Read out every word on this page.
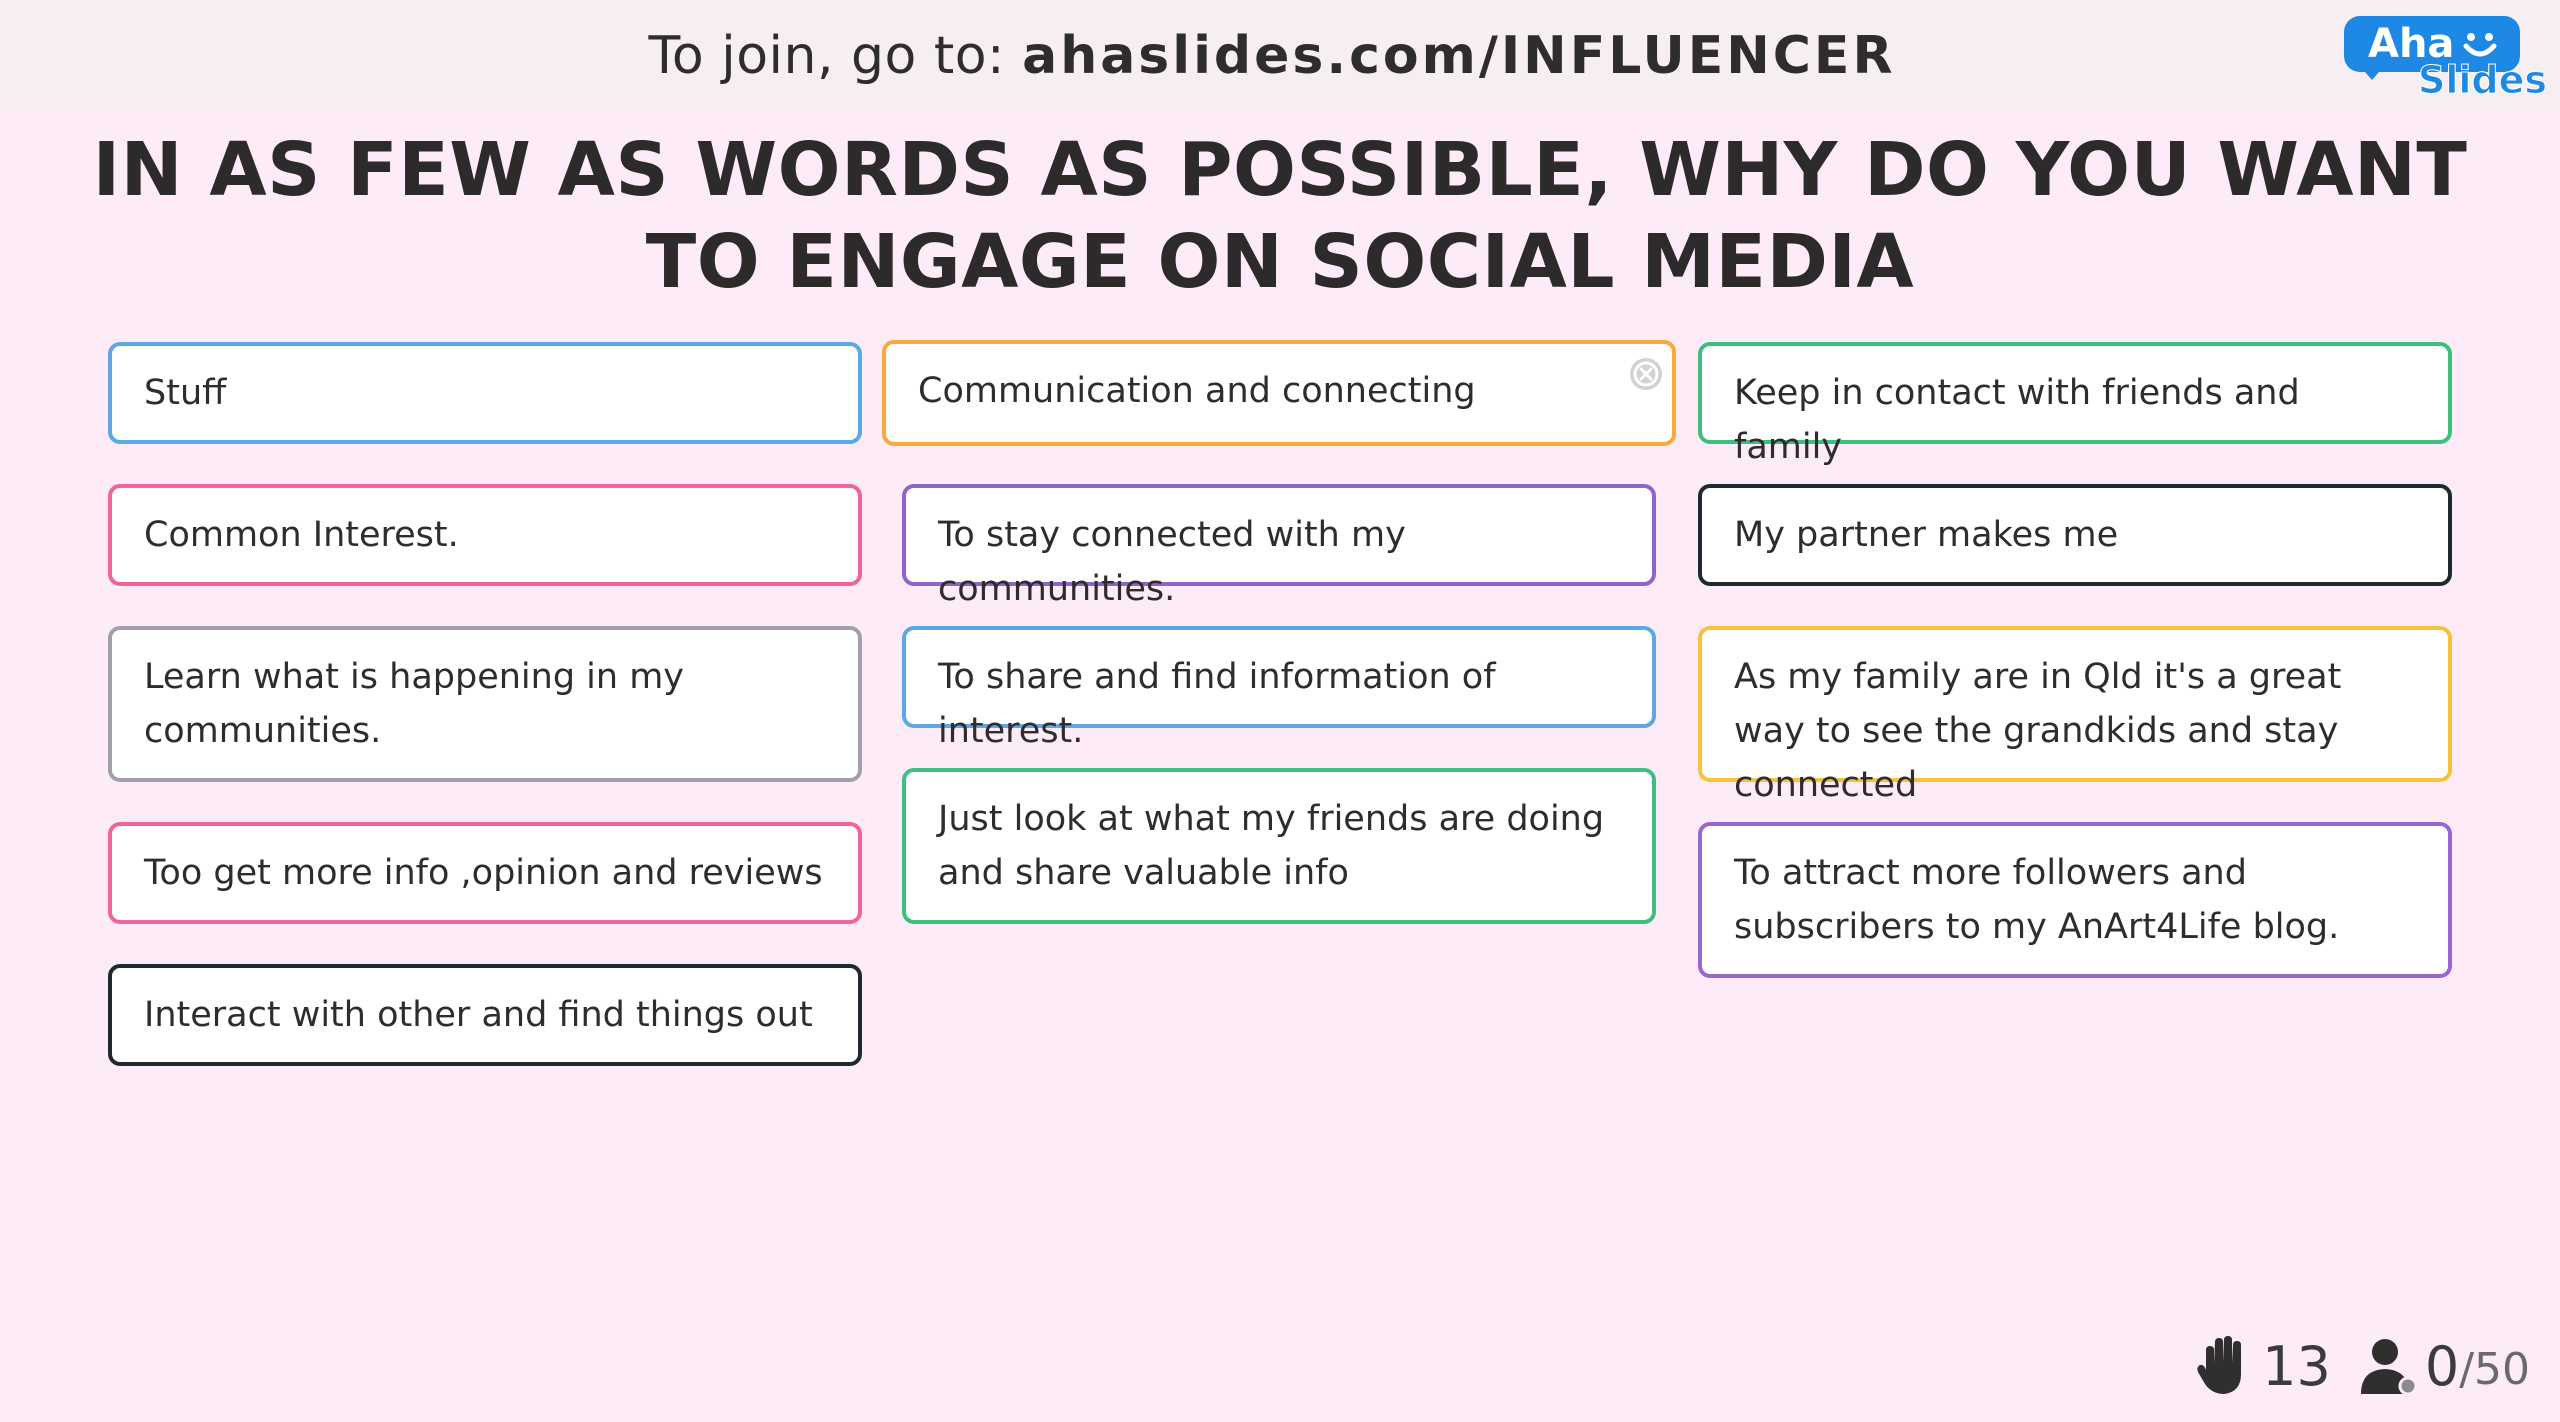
To join, go to: ahaslides.com/INFLUENCER	Aha
Slides
IN AS FEW AS WORDS AS POSSIBLE, WHY DO YOU WANT TO ENGAGE ON SOCIAL MEDIA
Stuff
Common Interest.
Learn what is happening in my communities.
Too get more info ,opinion and reviews
Interact with other and find things out
Communication and connecting
To stay connected with my communities.
To share and find information of interest.
Just look at what my friends are doing and share valuable info
Keep in contact with friends and family
My partner makes me
As my family are in Qld it's a great way to see the grandkids and stay connected
To attract more followers and subscribers to my AnArt4Life blog.
13 0 /50
